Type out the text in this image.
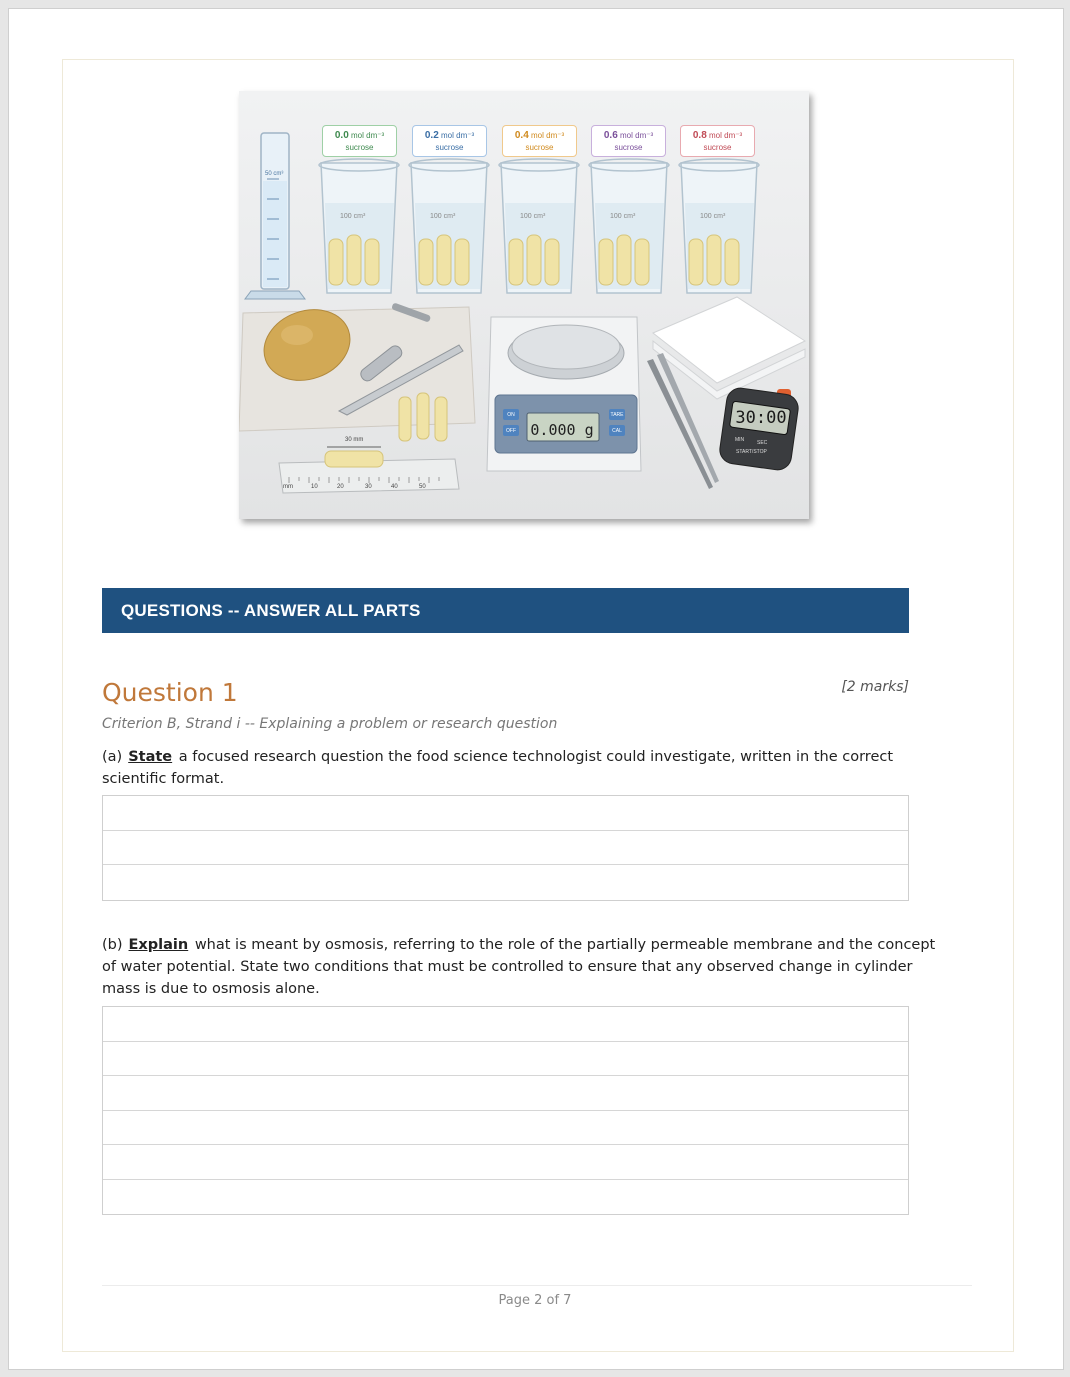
0.0 mol dm⁻³
sucrose
0.2 mol dm⁻³
sucrose
0.4 mol dm⁻³
sucrose
0.6 mol dm⁻³
sucrose
0.8 mol dm⁻³
sucrose
100 cm³	100 cm³	100 cm³	100 cm³	100 cm³
50 cm³
30 mm
mm	10	20	30	40	50
0.000 g
ON
OFF
TARE
CAL
30:00
MIN	SEC
START/STOP
QUESTIONS -- ANSWER ALL PARTS
Question 1	[2 marks]
Criterion B, Strand i -- Explaining a problem or research question
(a) State a focused research question the food science technologist could investigate, written in the correct scientific format.
(b) Explain what is meant by osmosis, referring to the role of the partially permeable membrane and the concept of water potential. State two conditions that must be controlled to ensure that any observed change in cylinder mass is due to osmosis alone.
Page 2 of 7
